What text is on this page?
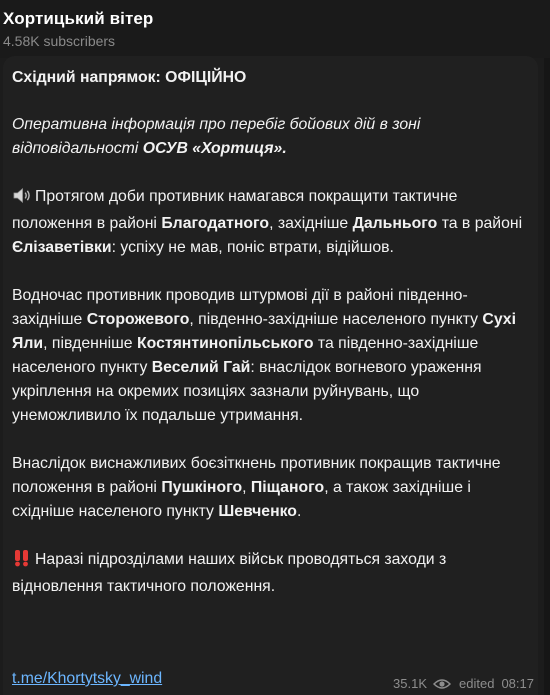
Хортицький вітер
4.58K subscribers

Східний напрямок: ОФІЦІЙНО

Оперативна інформація про перебіг бойових дій в зоні відповідальності ОСУВ «Хортиця».

Протягом доби противник намагався покращити тактичне положення в районі Благодатного, західніше Дальнього та в районі Єлізаветівки: успіху не мав, поніс втрати, відійшов.

Водночас противник проводив штурмові дії в районі південно-західніше Сторожевого, південно-західніше населеного пункту Сухі Яли, південніше Костянтинопільського та південно-західніше населеного пункту Веселий Гай: внаслідок вогневого ураження укріплення на окремих позиціях зазнали руйнувань, що унеможливило їх подальше утримання.

Внаслідок виснажливих боєзіткнень противник покращив тактичне положення в районі Пушкіного, Піщаного, а також західніше і східніше населеного пункту Шевченко.

Наразі підрозділами наших військ проводяться заходи з відновлення тактичного положення.

t.me/Khortytsky_wind	35.1K edited 08:17
